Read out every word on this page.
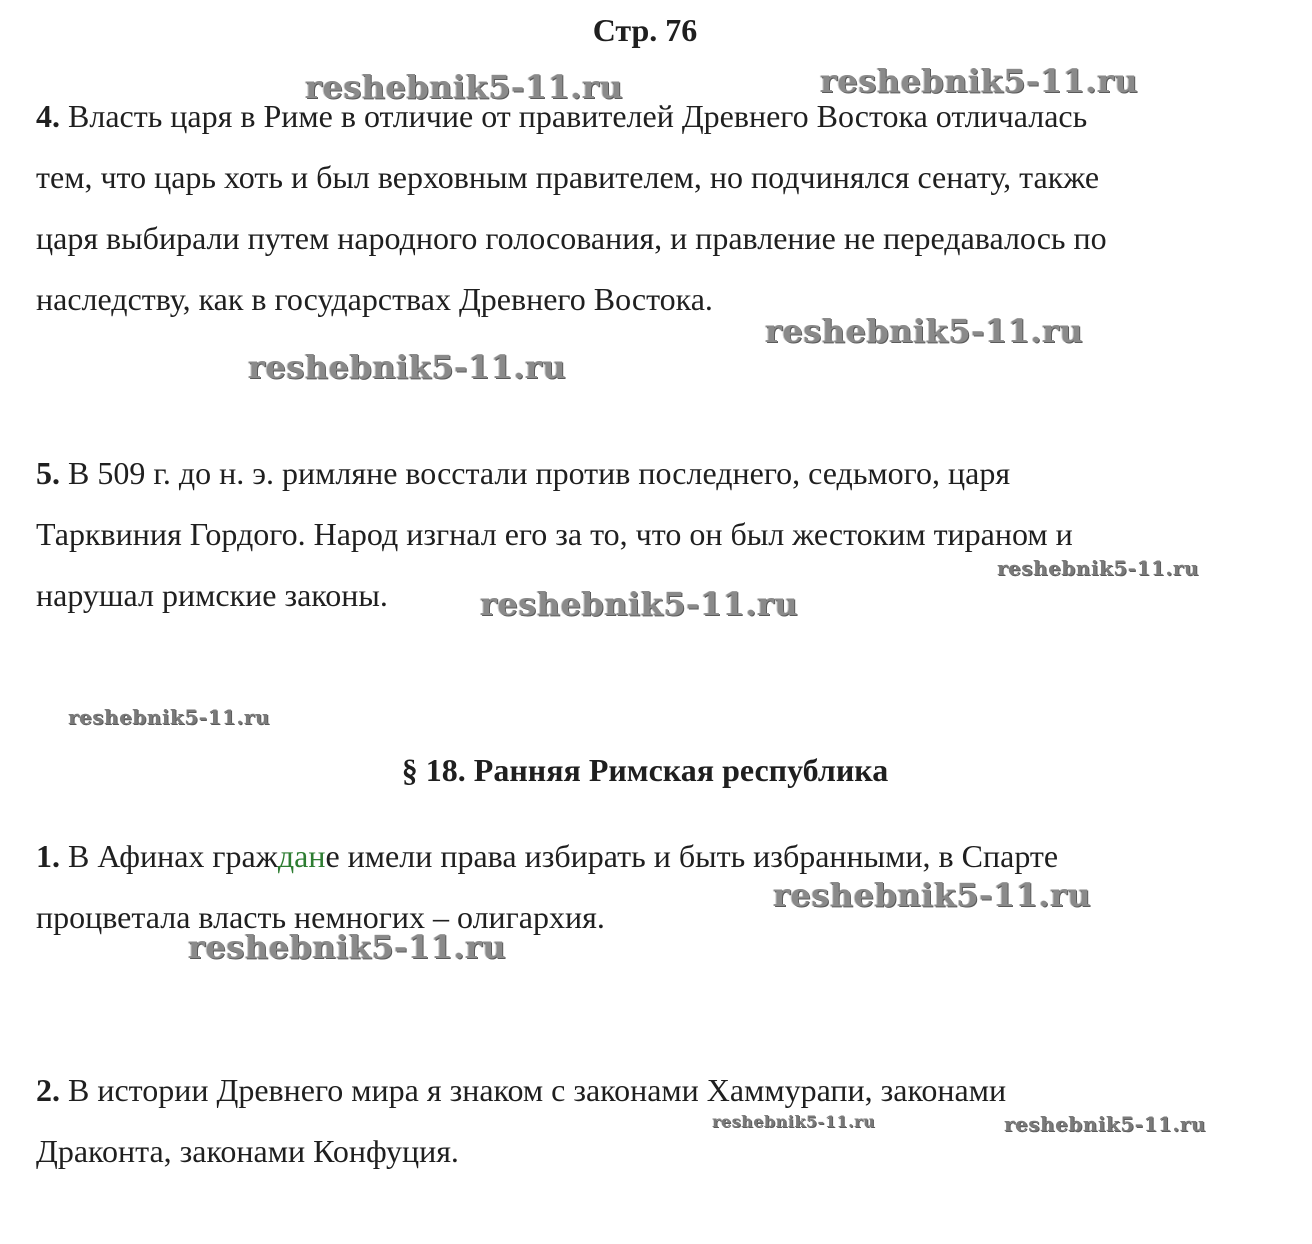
Стр. 76
reshebnik5-11.ru	reshebnik5-11.ru
reshebnik5-11.ru
reshebnik5-11.ru
reshebnik5-11.ru
reshebnik5-11.ru
reshebnik5-11.ru
reshebnik5-11.ru
reshebnik5-11.ru
reshebnik5-11.ru	reshebnik5-11.ru
4. Власть царя в Риме в отличие от правителей Древнего Востока отличалась
тем, что царь хоть и был верховным правителем, но подчинялся сенату, также
царя выбирали путем народного голосования, и правление не передавалось по
наследству, как в государствах Древнего Востока.
5. В 509 г. до н. э. римляне восстали против последнего, седьмого, царя
Тарквиния Гордого. Народ изгнал его за то, что он был жестоким тираном и
нарушал римские законы.
§ 18. Ранняя Римская республика
1. В Афинах граждане имели права избирать и быть избранными, в Спарте
процветала власть немногих – олигархия.
2. В истории Древнего мира я знаком с законами Хаммурапи, законами
Драконта, законами Конфуция.
